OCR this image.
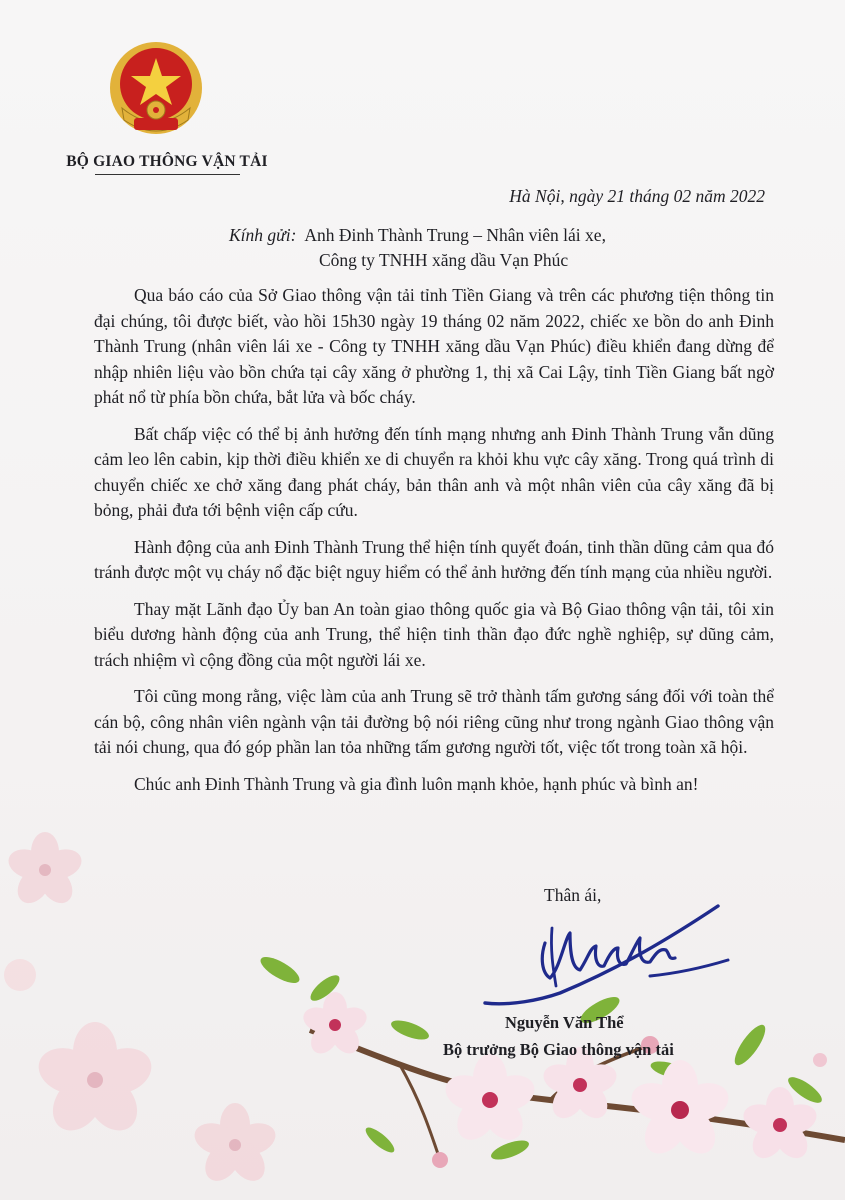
BỘ GIAO THÔNG VẬN TẢI
Hà Nội, ngày 21 tháng 02 năm 2022
Kính gửi: Anh Đinh Thành Trung – Nhân viên lái xe,
Công ty TNHH xăng dầu Vạn Phúc

Qua báo cáo của Sở Giao thông vận tải tỉnh Tiền Giang và trên các phương tiện thông tin đại chúng, tôi được biết, vào hồi 15h30 ngày 19 tháng 02 năm 2022, chiếc xe bồn do anh Đinh Thành Trung (nhân viên lái xe - Công ty TNHH xăng dầu Vạn Phúc) điều khiển đang dừng để nhập nhiên liệu vào bồn chứa tại cây xăng ở phường 1, thị xã Cai Lậy, tỉnh Tiền Giang bất ngờ phát nổ từ phía bồn chứa, bắt lửa và bốc cháy.

Bất chấp việc có thể bị ảnh hưởng đến tính mạng nhưng anh Đinh Thành Trung vẫn dũng cảm leo lên cabin, kịp thời điều khiển xe di chuyển ra khỏi khu vực cây xăng. Trong quá trình di chuyển chiếc xe chở xăng đang phát cháy, bản thân anh và một nhân viên của cây xăng đã bị bỏng, phải đưa tới bệnh viện cấp cứu.

Hành động của anh Đinh Thành Trung thể hiện tính quyết đoán, tinh thần dũng cảm qua đó tránh được một vụ cháy nổ đặc biệt nguy hiểm có thể ảnh hưởng đến tính mạng của nhiều người.

Thay mặt Lãnh đạo Ủy ban An toàn giao thông quốc gia và Bộ Giao thông vận tải, tôi xin biểu dương hành động của anh Trung, thể hiện tinh thần đạo đức nghề nghiệp, sự dũng cảm, trách nhiệm vì cộng đồng của một người lái xe.

Tôi cũng mong rằng, việc làm của anh Trung sẽ trở thành tấm gương sáng đối với toàn thể cán bộ, công nhân viên ngành vận tải đường bộ nói riêng cũng như trong ngành Giao thông vận tải nói chung, qua đó góp phần lan tỏa những tấm gương người tốt, việc tốt trong toàn xã hội.

Chúc anh Đinh Thành Trung và gia đình luôn mạnh khỏe, hạnh phúc và bình an!

Thân ái,
Nguyễn Văn Thể
Bộ trưởng Bộ Giao thông vận tải
